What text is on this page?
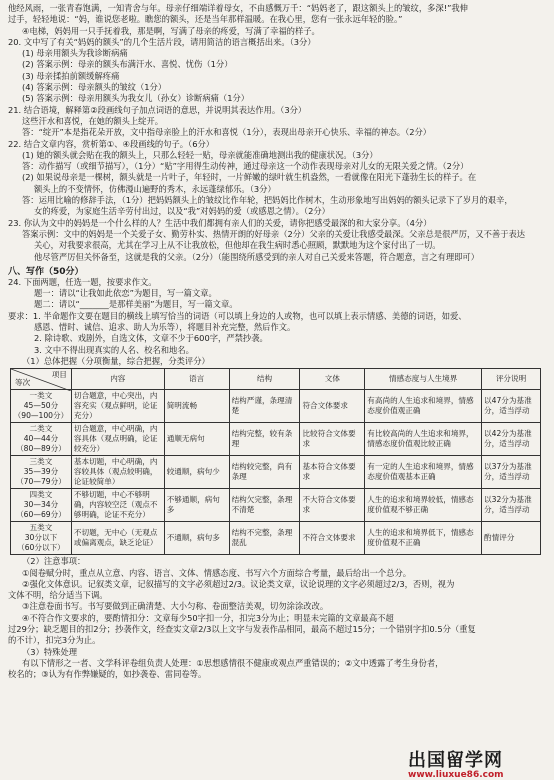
他经风雨，一张青春饱满，一知青舍与年。母亲仔细端详着母女，不由感慨万千：“妈妈老了，跟这额头上的皱纹，多深!”我伸
过手，轻轻地说：“妈，谁说您老啦。瞧您的额头，还是当年那样温暖。在我心里，您有一张永远年轻的脸。”
④电梯，妈妈用一只手抚着我，那是啊，写满了母亲的疼爱，写满了幸福的样子。
20. 文中写了有关“妈妈的额头”的几个生活片段，请用简洁的语言概括出来。（3分）
(1) 母亲用额头为我诊断病痛
(2) 答案示例：母亲的额头布满汗水、喜悦、忧伤（1分）
(3) 母亲揉拍前额缓解疼痛
(4) 答案示例：母亲额头的皱纹（1分）
(5) 答案示例：母亲用额头为我女儿（孙女）诊断病痛（1分）
21. 结合语境，解释第②段画线句子加点词语的意思，并说明其表达作用。（3分）
这些汗水和喜悦，在她的额头上绽开。
答：“绽开”本是指花朵开放，文中指母亲脸上的汗水和喜悦（1分），表现出母亲开心快乐、幸福的神态。（2分）
22. 结合文章内容，赏析第①、④段画线的句子。（6分）
(1) 她的额头就会贴在我的额头上，只那么轻轻一贴，母亲就能准确地测出我的健康状况。（3分）
答：动作描写（或细节描写），（1分）“贴”字用得生动传神，通过母亲这一个动作表现母亲对儿女的无限关爱之情。（2分）
(2) 如果说母亲是一棵树，额头就是一片叶子，年轻时，一片鲜嫩的绿叶就生机盎然，一看就像在阳光下蓬勃生长的样子。在
额头上的不变情怀，仿佛漫山遍野的秀木，永远蓬绿郁乐。（3分）
答：运用比喻的修辞手法，（1分）把妈妈额头上的皱纹比作年轮，把妈妈比作树木，生动形象地写出妈妈的额头记录下了岁月的艰辛，
女的疼爱，为家庭生活辛劳付出过，以及“我”对妈妈的爱（或感恩之情）。（2分）
23. 你认为文中的妈妈是一个什么样的人？生活中我们都拥有亲人们的关爱，请你把感受最深的和大家分享。（4分）
答案示例：文中的妈妈是一个关爱子女、勤劳朴实、热情开朗的好母亲（2分）父亲的关爱让我感受最深。父亲总是很严厉，又不善于表达
关心，对我要求很高，尤其在学习上从不让我放松，但他却在我生病时悉心照顾，默默地为这个家付出了一切。
他尽管严厉但关怀备至，这就是我的父亲。（2分）（能围绕所感受到的亲人对自己关爱来答题，符合题意，言之有理即可）
八、写作（50分）
24. 下面两题，任选一题，按要求作文。
题一：请以“让我如此依恋”为题目，写一篇文章。
题二：请以“_______是那样美丽”为题目，写一篇文章。
要求：1. 半命题作文要在题目的横线上填写恰当的词语（可以填上身边的人或物，也可以填上表示情感、美德的词语，如爱、
感恩、惜时、诚信、追求、助人为乐等），将题目补充完整，然后作文。
2. 除诗歌、戏剧外，自选文体，文章不少于600字，严禁抄袭。
3. 文中不得出现真实的人名、校名和地名。
（1）总体把握（分项衡量，综合把握，分类评分）
项目
等次	内容	语言	结构	文体	情感态度与人生境界	评分说明
一类文
45—50分
（90—100分）	切合题意，中心突出，内容充实（观点鲜明，论证充分）	简明流畅	结构严谨，条理清楚	符合文体要求	有高尚的人生追求和境界，情感态度价值观正确	以47分为基准分，适当浮动
二类文
40—44分
（80—89分）	切合题意，中心明确，内容具体（观点明确，论证较充分）	通顺无病句	结构完整，较有条理	比较符合文体要求	有比较高尚的人生追求和境界，情感态度价值观比较正确	以42分为基准分，适当浮动
三类文
35—39分
（70—79分）	基本切题，中心明确，内容较具体（观点较明确，论证较简单）	较通顺，病句少	结构较完整，尚有条理	基本符合文体要求	有一定的人生追求和境界，情感态度价值观基本正确	以37分为基准分，适当浮动
四类文
30—34分
（60—69分）	不够切题，中心不够明确，内容较空泛（观点不够明确，论证不充分）	不够通顺，病句多	结构欠完整，条理不清楚	不大符合文体要求	人生的追求和境界较低，情感态度价值观不够正确	以32分为基准分，适当浮动
五类文
30分以下
（60分以下）	不切题，无中心（无观点或偏离观点，缺乏论证）	不通顺，病句多	结构不完整，条理混乱	不符合文体要求	人生的追求和境界低下，情感态度价值观不正确	酌情评分
（2）注意事项：
①阅卷赋分时，重点从立意、内容、语言、文体、情感态度、书写六个方面综合考量，最后给出一个总分。
②强化文体意识。记叙类文章，记叙描写的文字必须超过2/3。议论类文章，议论说理的文字必须超过2/3，否则，视为
文体不明，给分适当下调。
③注意卷面书写。书写要做到正确清楚、大小匀称、卷面整洁美观，切勿涂涂改改。
④不符合作文要求的，要酌情扣分：文章每少50字扣一分，扣完3分为止；明显未完篇的文章最高不超
过29分；缺乏题目的扣2分；抄袭作文，经查实文章2/3以上文字与发表作品相同，最高不超过15分；一个错别字扣0.5分（重复
的不计），扣完3分为止。
（3）特殊处理
有以下情形之一者、文学科评卷组负责人处理：①思想感情很不健康或观点严重错误的；②文中透露了考生身份者，
校名的；③认为有作弊嫌疑的，如抄袭卷、雷同卷等。
出国留学网
www.liuxue86.com
